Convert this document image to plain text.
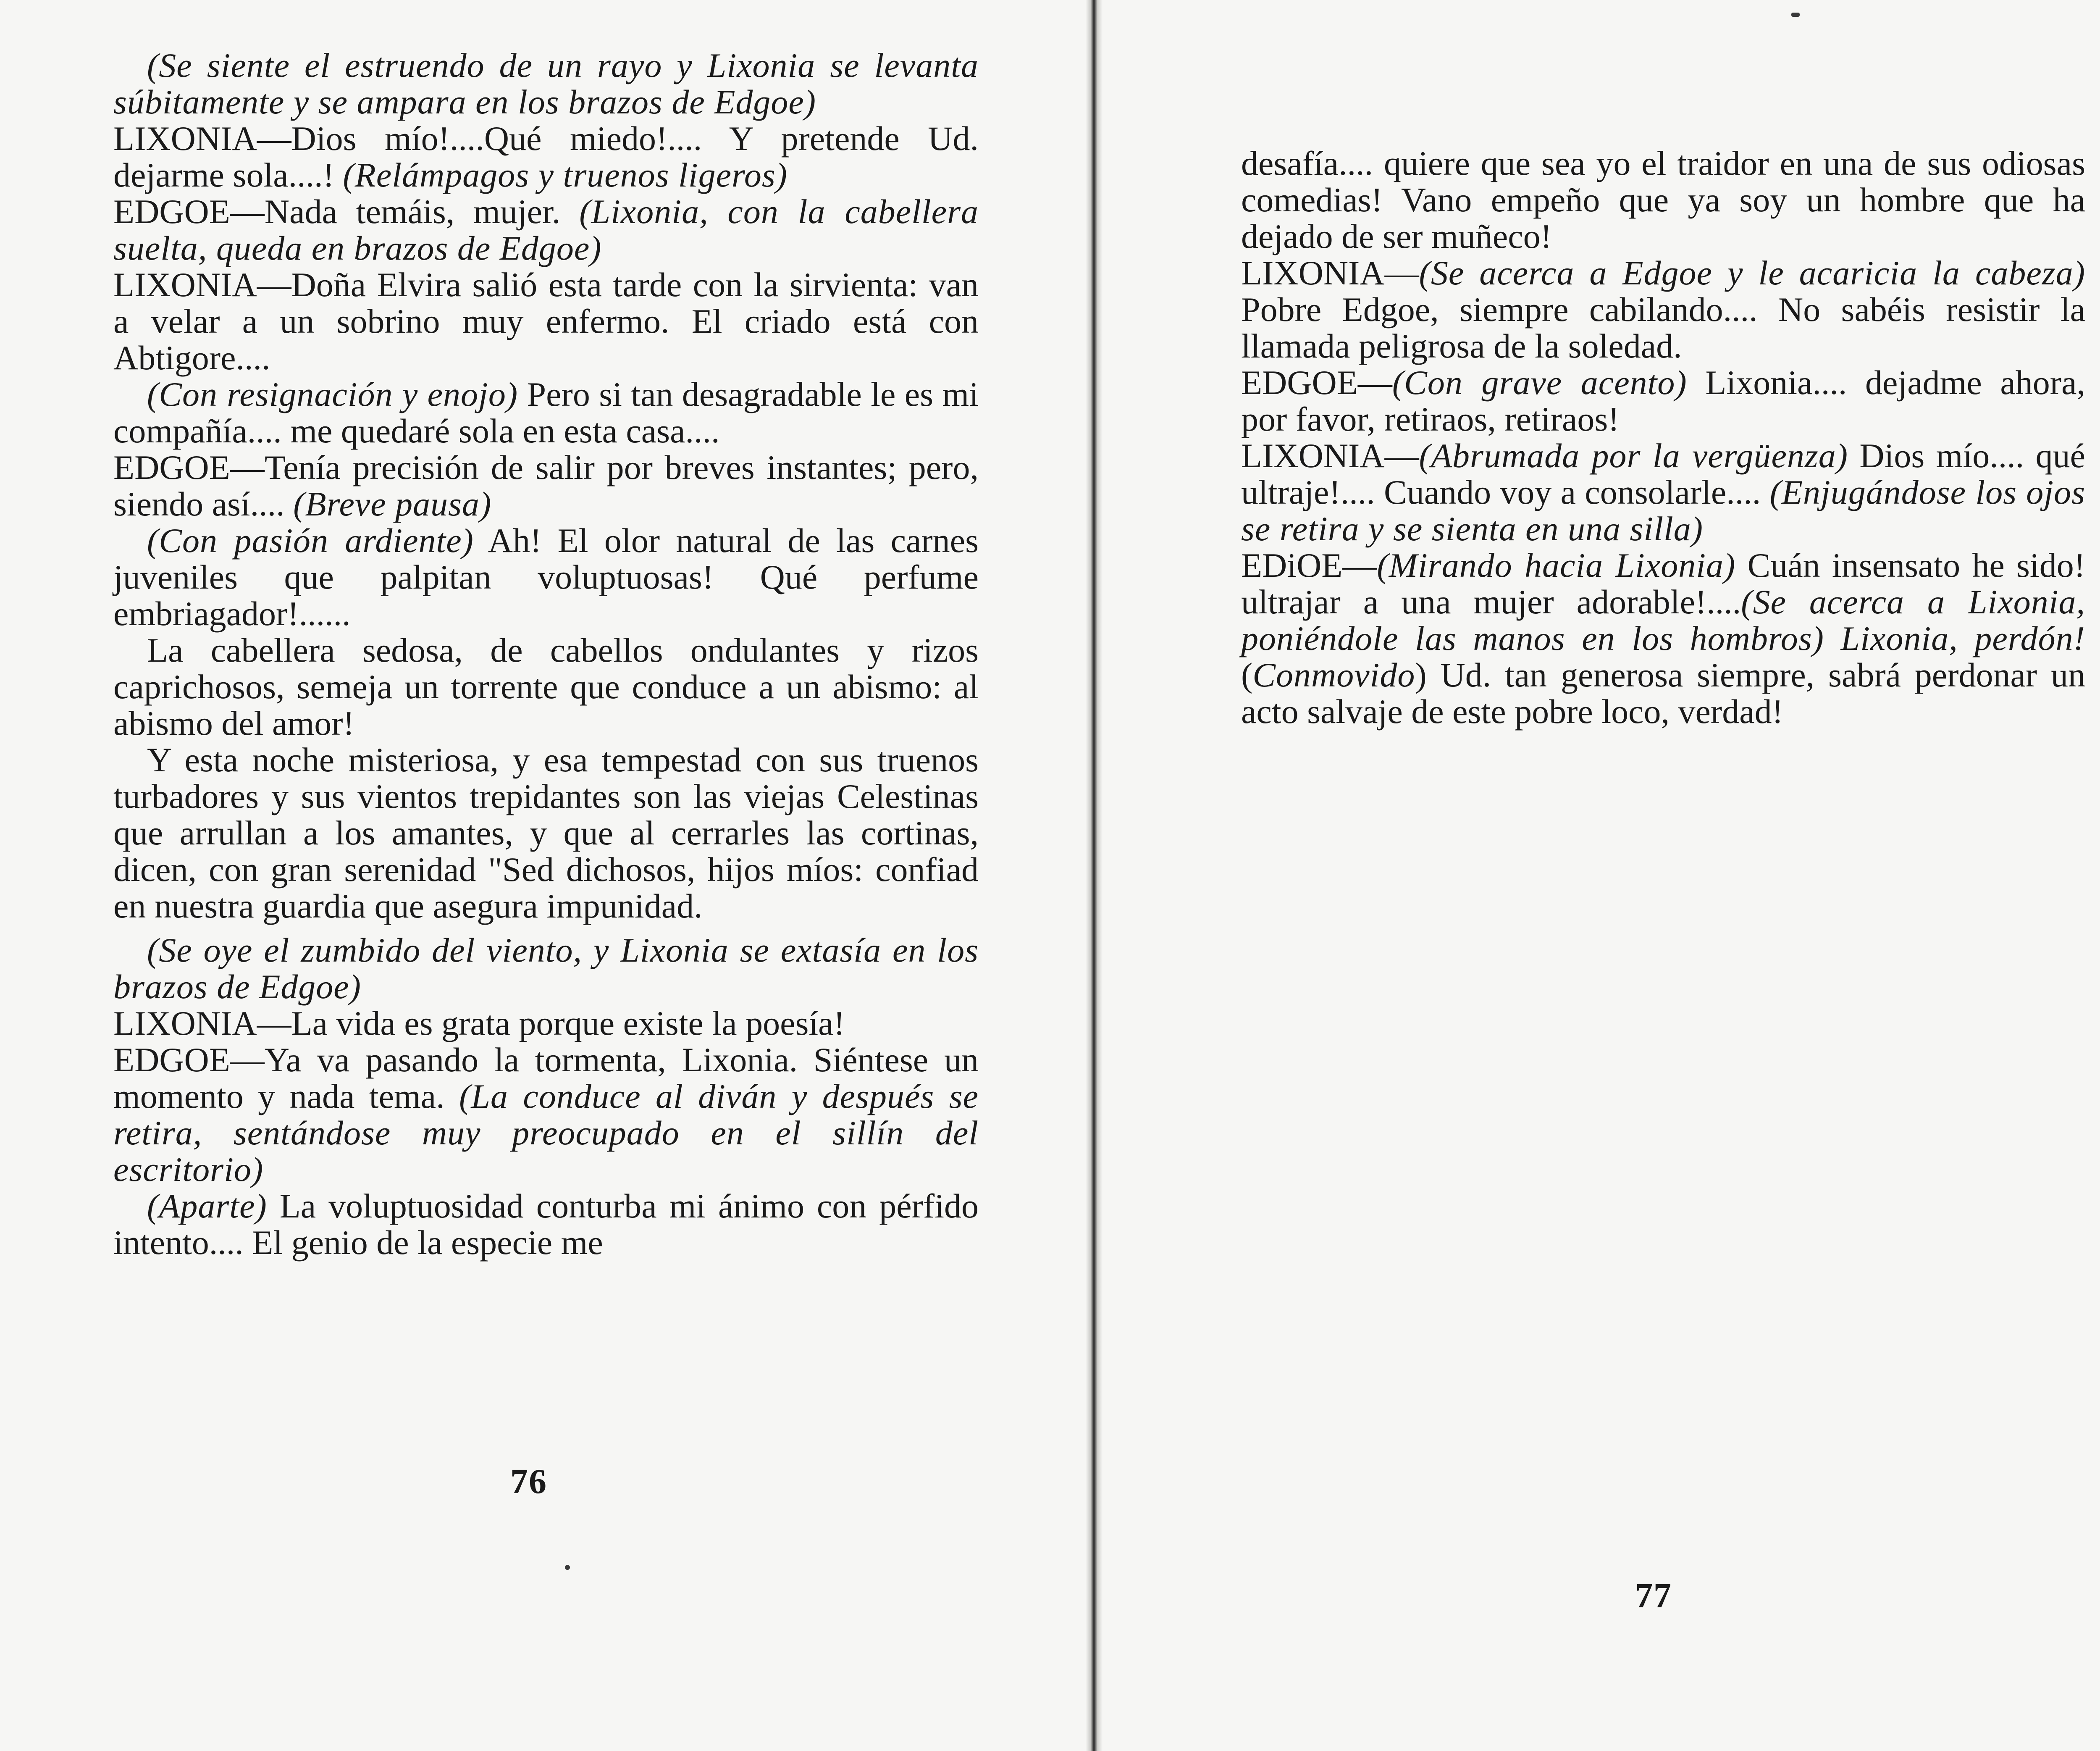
(Se siente el estruendo de un rayo y Lixonia se levanta súbitamente y se ampara en los brazos de Edgoe)

LIXONIA—Dios mío!....Qué miedo!.... Y pretende Ud. dejarme sola....! (Relámpagos y truenos ligeros)

EDGOE—Nada temáis, mujer. (Lixonia, con la cabellera suelta, queda en brazos de Edgoe)

LIXONIA—Doña Elvira salió esta tarde con la sirvienta: van a velar a un sobrino muy enfermo. El criado está con Abtigore....

(Con resignación y enojo) Pero si tan desagradable le es mi compañía.... me quedaré sola en esta casa....

EDGOE—Tenía precisión de salir por breves instantes; pero, siendo así.... (Breve pausa)

(Con pasión ardiente) Ah! El olor natural de las carnes juveniles que palpitan voluptuosas! Qué perfume embriagador!......

La cabellera sedosa, de cabellos ondulantes y rizos caprichosos, semeja un torrente que conduce a un abismo: al abismo del amor!

Y esta noche misteriosa, y esa tempestad con sus truenos turbadores y sus vientos trepidantes son las viejas Celestinas que arrullan a los amantes, y que al cerrarles las cortinas, dicen, con gran serenidad "Sed dichosos, hijos míos: confiad en nuestra guardia que asegura impunidad.

(Se oye el zumbido del viento, y Lixonia se extasía en los brazos de Edgoe)

LIXONIA—La vida es grata porque existe la poesía!

EDGOE—Ya va pasando la tormenta, Lixonia. Siéntese un momento y nada tema. (La conduce al diván y después se retira, sentándose muy preocupado en el sillín del escritorio)

(Aparte) La voluptuosidad conturba mi ánimo con pérfido intento.... El genio de la especie me

76

desafía.... quiere que sea yo el traidor en una de sus odiosas comedias! Vano empeño que ya soy un hombre que ha dejado de ser muñeco!

LIXONIA—(Se acerca a Edgoe y le acaricia la cabeza) Pobre Edgoe, siempre cabilando.... No sabéis resistir la llamada peligrosa de la soledad.

EDGOE—(Con grave acento) Lixonia.... dejadme ahora, por favor, retiraos, retiraos!

LIXONIA—(Abrumada por la vergüenza) Dios mío.... qué ultraje!.... Cuando voy a consolarle.... (Enjugándose los ojos se retira y se sienta en una silla)

EDiOE—(Mirando hacia Lixonia) Cuán insensato he sido! ultrajar a una mujer adorable!....(Se acerca a Lixonia, poniéndole las manos en los hombros) Lixonia, perdón! (Conmovido) Ud. tan generosa siempre, sabrá perdonar un acto salvaje de este pobre loco, verdad!

77
